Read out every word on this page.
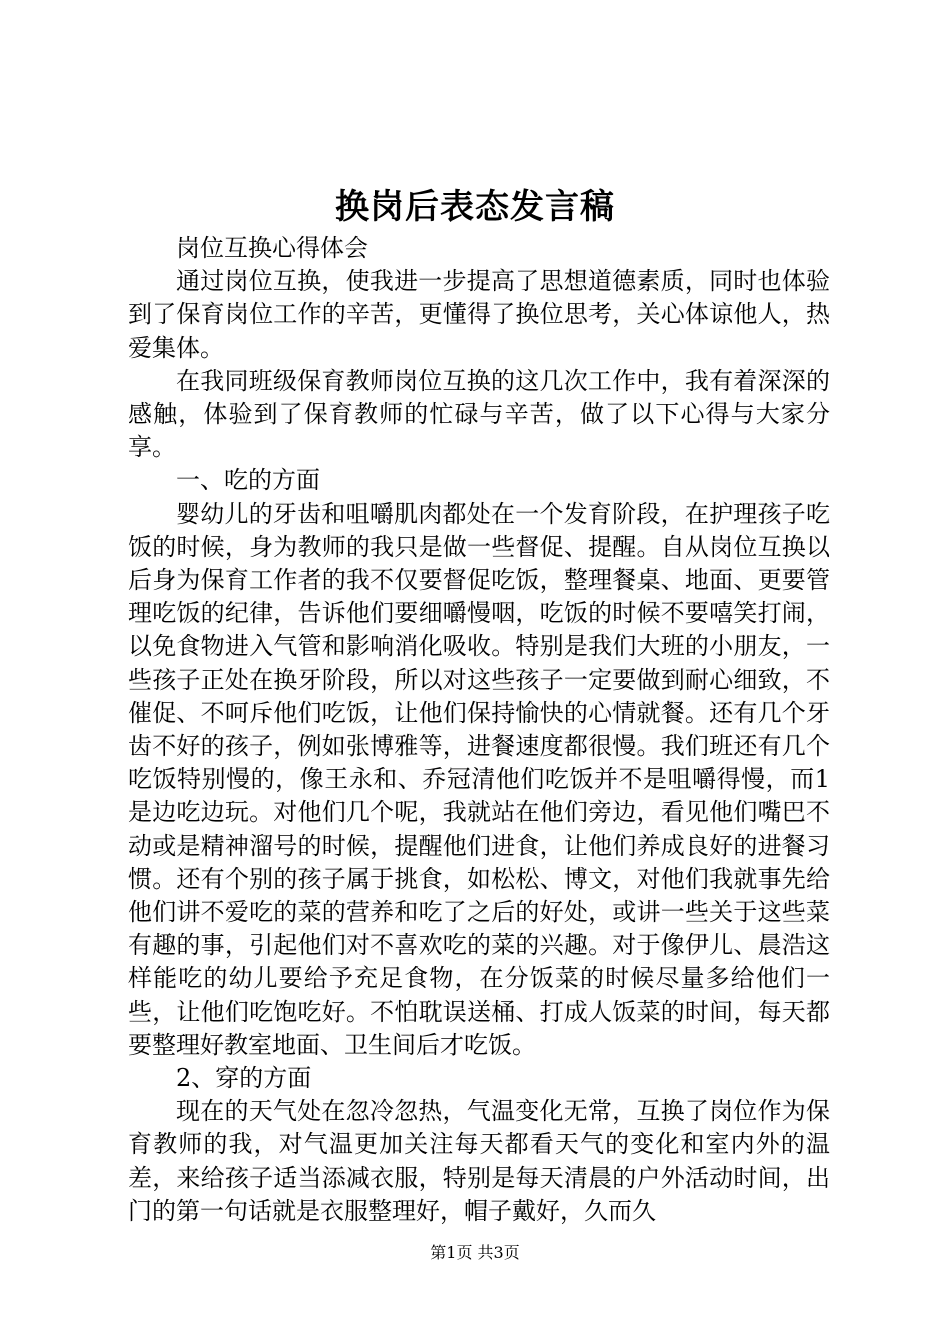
换岗后表态发言稿

岗位互换心得体会

通过岗位互换，使我进一步提高了思想道德素质，同时也体验到了保育岗位工作的辛苦，更懂得了换位思考，关心体谅他人，热爱集体。

在我同班级保育教师岗位互换的这几次工作中，我有着深深的感触，体验到了保育教师的忙碌与辛苦，做了以下心得与大家分享。

一、吃的方面

婴幼儿的牙齿和咀嚼肌肉都处在一个发育阶段，在护理孩子吃饭的时候，身为教师的我只是做一些督促、提醒。自从岗位互换以后身为保育工作者的我不仅要督促吃饭，整理餐桌、地面、更要管理吃饭的纪律，告诉他们要细嚼慢咽，吃饭的时候不要嘻笑打闹，以免食物进入气管和影响消化吸收。特别是我们大班的小朋友，一些孩子正处在换牙阶段，所以对这些孩子一定要做到耐心细致，不催促、不呵斥他们吃饭，让他们保持愉快的心情就餐。还有几个牙齿不好的孩子，例如张博雅等，进餐速度都很慢。我们班还有几个吃饭特别慢的，像王永和、乔冠清他们吃饭并不是咀嚼得慢，而1是边吃边玩。对他们几个呢，我就站在他们旁边，看见他们嘴巴不动或是精神溜号的时候，提醒他们进食，让他们养成良好的进餐习惯。还有个别的孩子属于挑食，如松松、博文，对他们我就事先给他们讲不爱吃的菜的营养和吃了之后的好处，或讲一些关于这些菜有趣的事，引起他们对不喜欢吃的菜的兴趣。对于像伊儿、晨浩这样能吃的幼儿要给予充足食物，在分饭菜的时候尽量多给他们一些，让他们吃饱吃好。不怕耽误送桶、打成人饭菜的时间，每天都要整理好教室地面、卫生间后才吃饭。

2、穿的方面

现在的天气处在忽冷忽热，气温变化无常，互换了岗位作为保育教师的我，对气温更加关注每天都看天气的变化和室内外的温差，来给孩子适当添减衣服，特别是每天清晨的户外活动时间，出门的第一句话就是衣服整理好，帽子戴好，久而久

第1页 共3页
